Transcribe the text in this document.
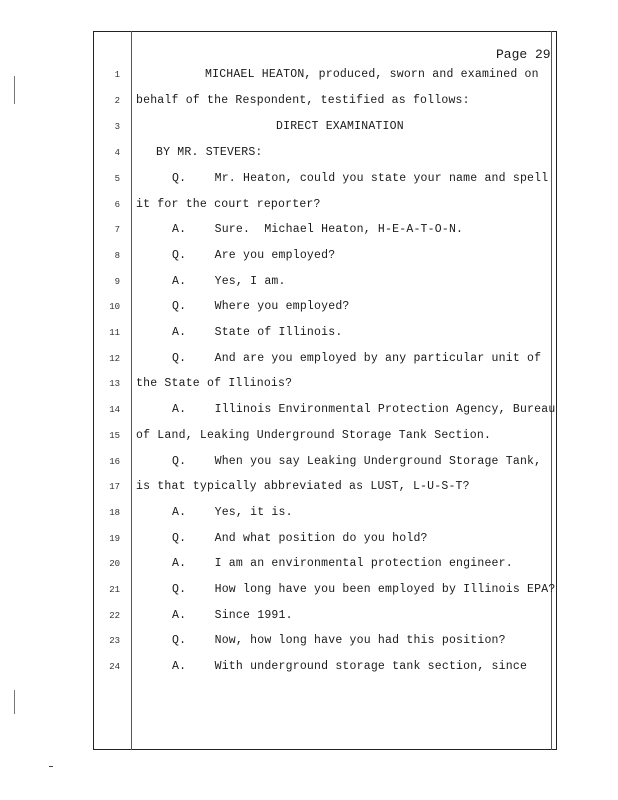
Page 29
1	MICHAEL HEATON, produced, sworn and examined on
2 behalf of the Respondent, testified as follows:
3	DIRECT EXAMINATION
4	BY MR. STEVERS:
5	Q.    Mr. Heaton, could you state your name and spell
6 it for the court reporter?
7	A.    Sure.  Michael Heaton, H-E-A-T-O-N.
8	Q.    Are you employed?
9	A.    Yes, I am.
10	Q.    Where you employed?
11	A.    State of Illinois.
12	Q.    And are you employed by any particular unit of
13 the State of Illinois?
14	A.    Illinois Environmental Protection Agency, Bureau
15 of Land, Leaking Underground Storage Tank Section.
16	Q.    When you say Leaking Underground Storage Tank,
17 is that typically abbreviated as LUST, L-U-S-T?
18	A.    Yes, it is.
19	Q.    And what position do you hold?
20	A.    I am an environmental protection engineer.
21	Q.    How long have you been employed by Illinois EPA?
22	A.    Since 1991.
23	Q.    Now, how long have you had this position?
24	A.    With underground storage tank section, since
